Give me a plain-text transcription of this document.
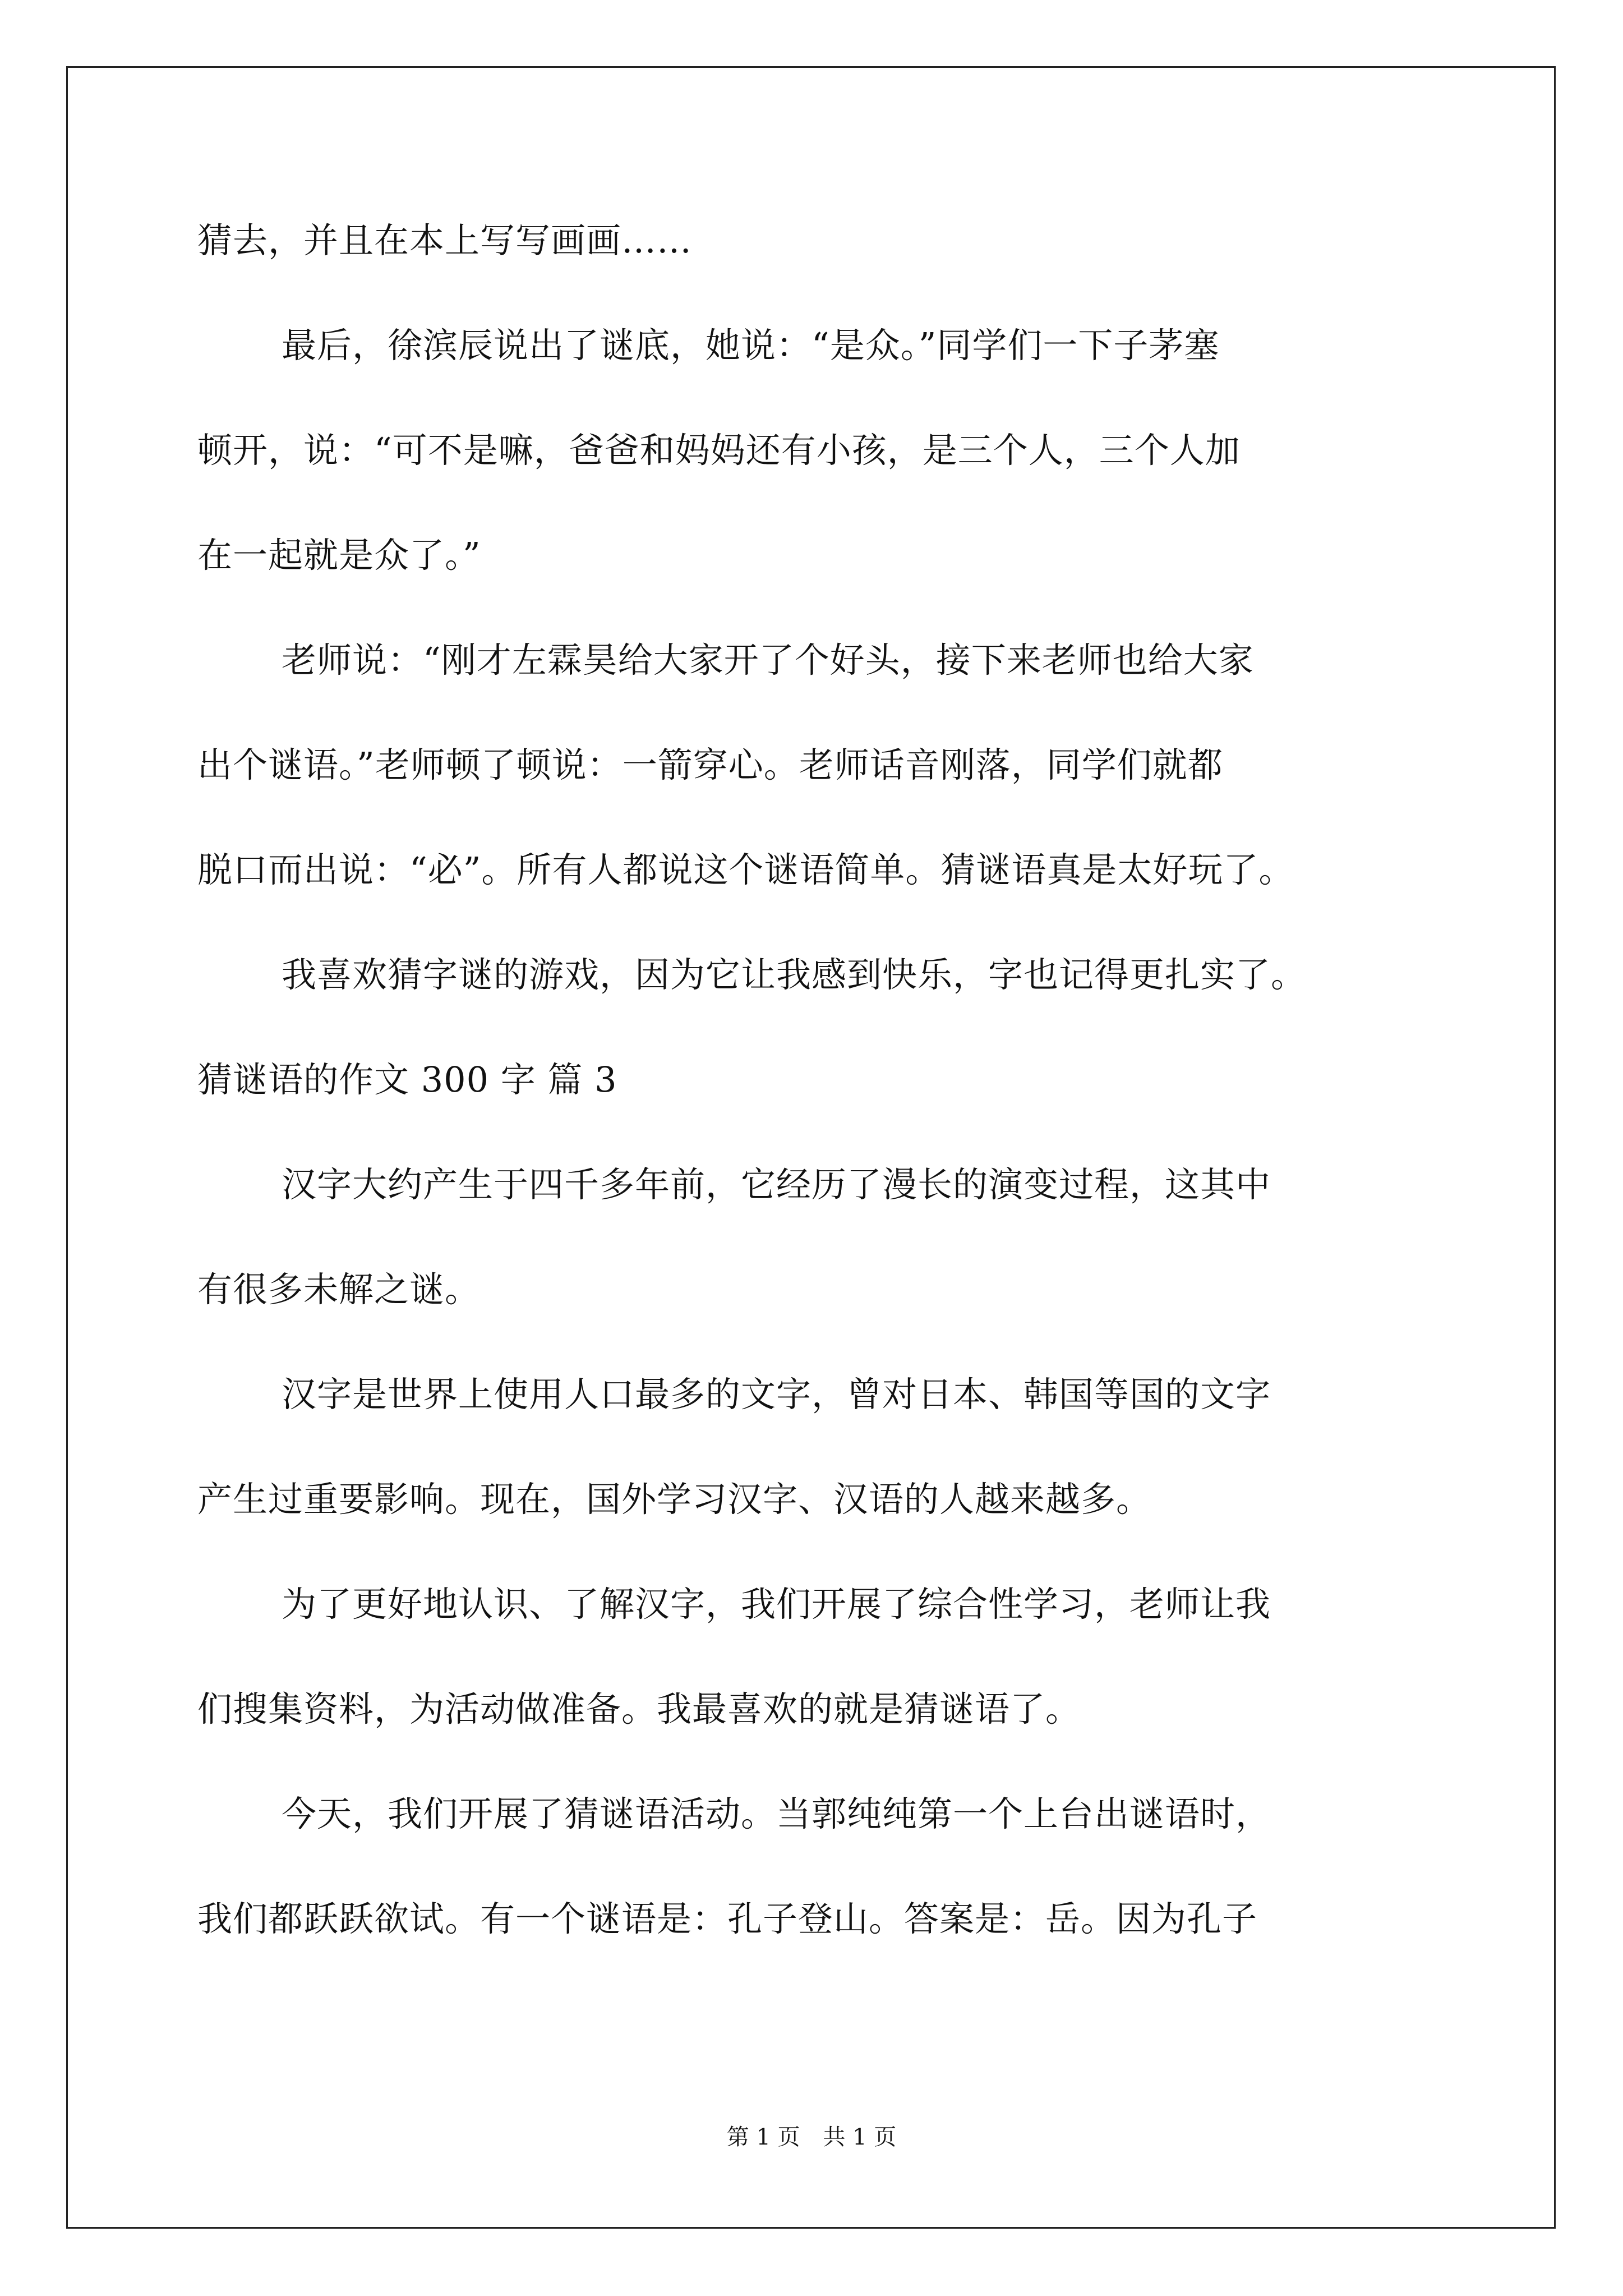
猜去，并且在本上写写画画……
最后，徐滨辰说出了谜底，她说：“是众。”同学们一下子茅塞
顿开，说：“可不是嘛，爸爸和妈妈还有小孩，是三个人，三个人加
在一起就是众了。”
老师说：“刚才左霖昊给大家开了个好头，接下来老师也给大家
出个谜语。”老师顿了顿说：一箭穿心。老师话音刚落，同学们就都
脱口而出说：“必”。所有人都说这个谜语简单。猜谜语真是太好玩了。
我喜欢猜字谜的游戏，因为它让我感到快乐，字也记得更扎实了。
猜谜语的作文 300 字 篇 3
汉字大约产生于四千多年前，它经历了漫长的演变过程，这其中
有很多未解之谜。
汉字是世界上使用人口最多的文字，曾对日本、韩国等国的文字
产生过重要影响。现在，国外学习汉字、汉语的人越来越多。
为了更好地认识、了解汉字，我们开展了综合性学习，老师让我
们搜集资料，为活动做准备。我最喜欢的就是猜谜语了。
今天，我们开展了猜谜语活动。当郭纯纯第一个上台出谜语时，
我们都跃跃欲试。有一个谜语是：孔子登山。答案是：岳。因为孔子
第 1 页 共 1 页
